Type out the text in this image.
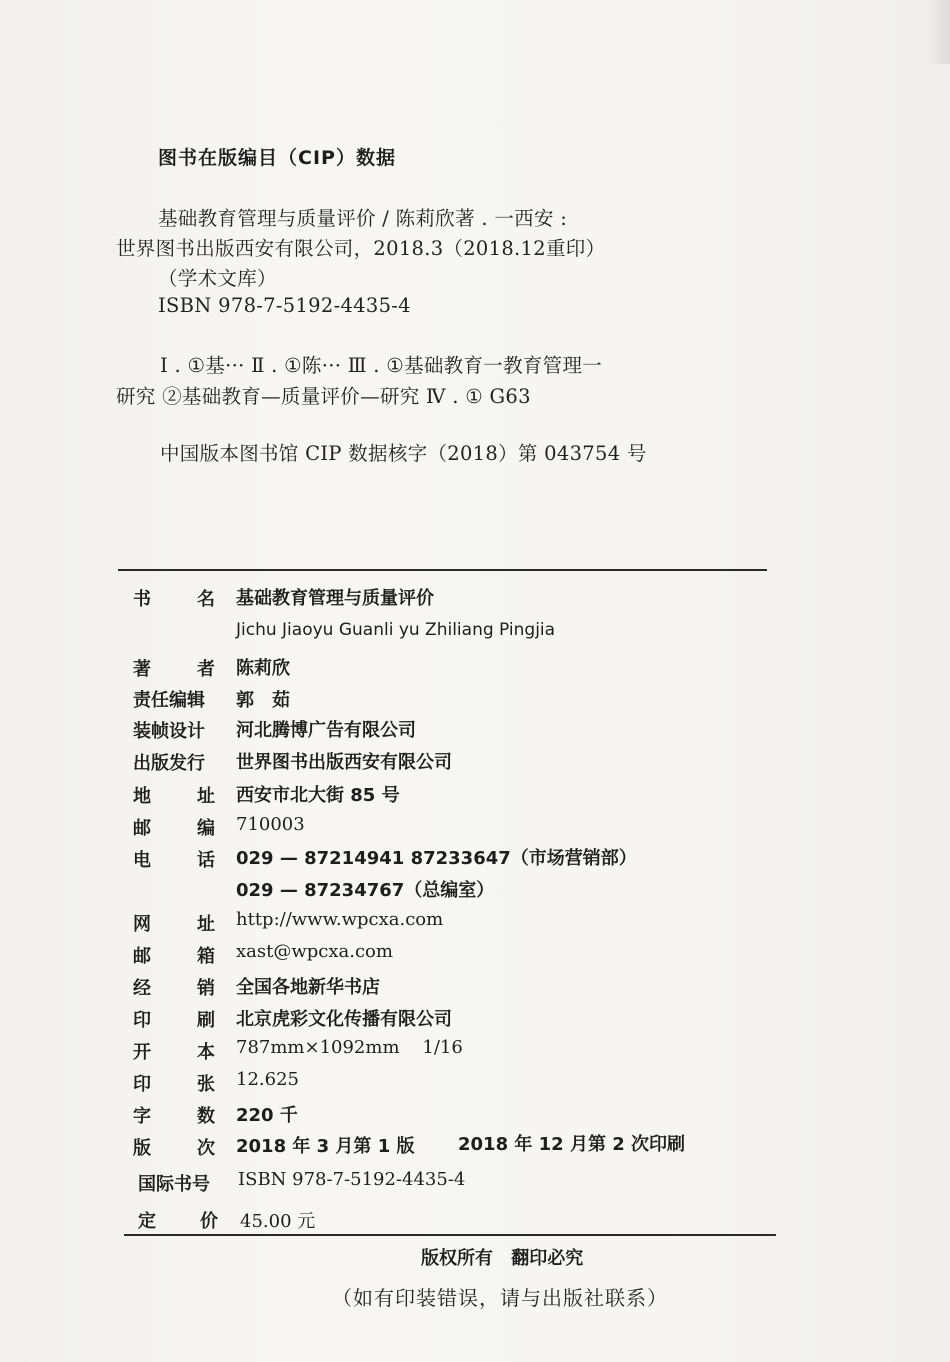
图书在版编目（CIP）数据
基础教育管理与质量评价 / 陈莉欣著 . 一西安 :
世界图书出版西安有限公司，2018.3（2018.12重印）
（学术文库）
ISBN 978-7-5192-4435-4
Ⅰ . ①基··· Ⅱ . ①陈··· Ⅲ . ①基础教育一教育管理一
研究 ②基础教育—质量评价—研究 Ⅳ . ① G63
中国版本图书馆 CIP 数据核字（2018）第 043754 号
书	名 基础教育管理与质量评价
Jichu Jiaoyu Guanli yu Zhiliang Pingjia
著	者 陈莉欣
责任编辑 郭　茹
装帧设计 河北腾博广告有限公司
出版发行 世界图书出版西安有限公司
地	址 西安市北大街 85 号
邮	编 710003
电	话 029 — 87214941 87233647（市场营销部）
029 — 87234767（总编室）
网	址 http://www.wpcxa.com
邮	箱 xast@wpcxa.com
经	销 全国各地新华书店
印	刷 北京虎彩文化传播有限公司
开	本 787mm×1092mm    1/16
印	张 12.625
字	数 220 千
版	次 2018 年 3 月第 1 版 2018 年 12 月第 2 次印刷
国际书号 ISBN 978-7-5192-4435-4
定 价 45.00 元
版权所有 翻印必究
（如有印装错误，请与出版社联系）
